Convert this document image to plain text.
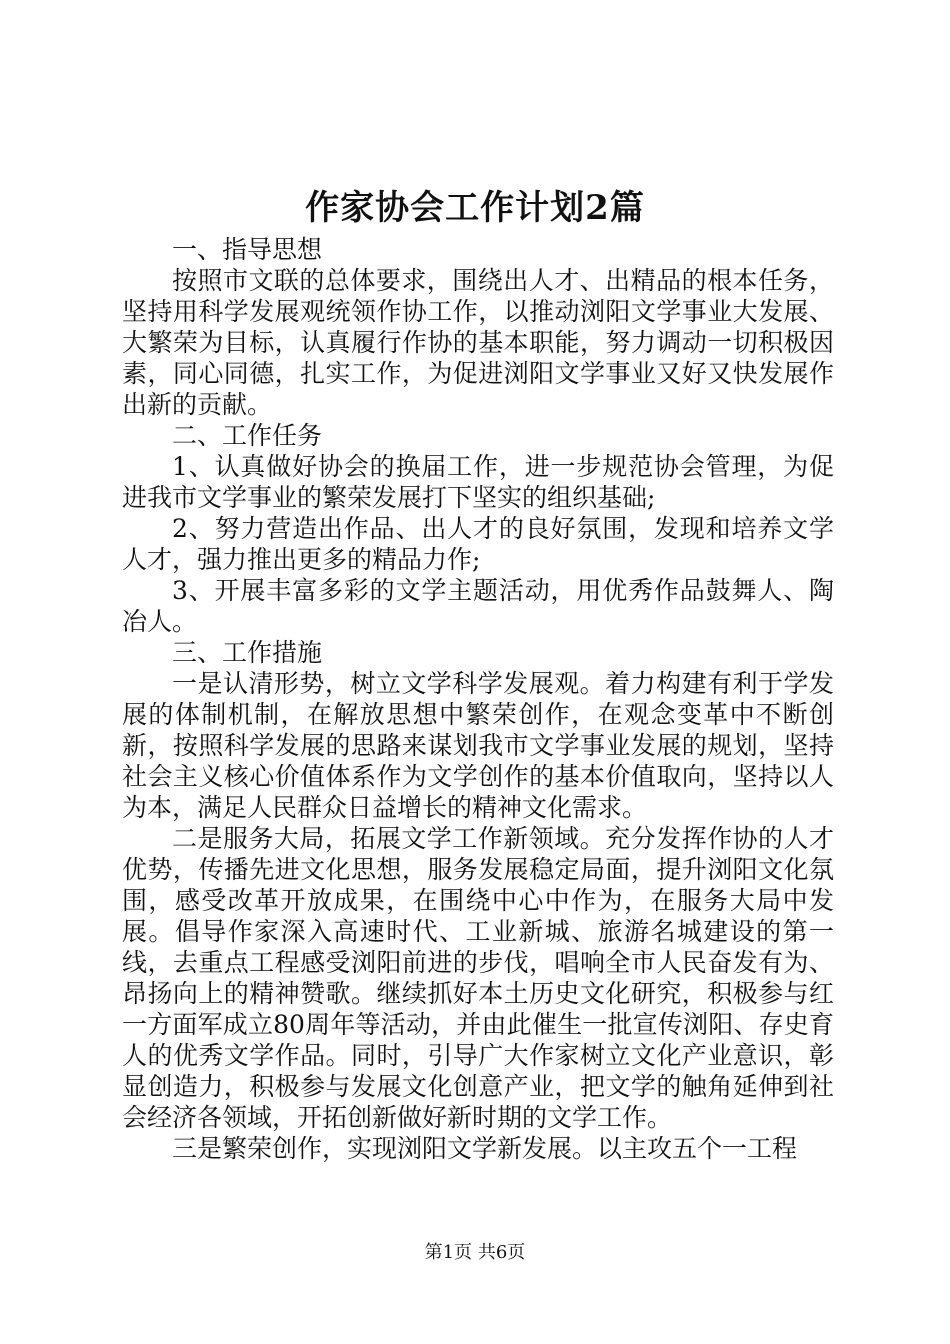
作家协会工作计划2篇

一、指导思想

按照市文联的总体要求，围绕出人才、出精品的根本任务，坚持用科学发展观统领作协工作，以推动浏阳文学事业大发展、大繁荣为目标，认真履行作协的基本职能，努力调动一切积极因素，同心同德，扎实工作，为促进浏阳文学事业又好又快发展作出新的贡献。

二、工作任务

1、认真做好协会的换届工作，进一步规范协会管理，为促进我市文学事业的繁荣发展打下坚实的组织基础;

2、努力营造出作品、出人才的良好氛围，发现和培养文学人才，强力推出更多的精品力作;

3、开展丰富多彩的文学主题活动，用优秀作品鼓舞人、陶冶人。

三、工作措施

一是认清形势，树立文学科学发展观。着力构建有利于学发展的体制机制，在解放思想中繁荣创作，在观念变革中不断创新，按照科学发展的思路来谋划我市文学事业发展的规划，坚持社会主义核心价值体系作为文学创作的基本价值取向，坚持以人为本，满足人民群众日益增长的精神文化需求。

二是服务大局，拓展文学工作新领域。充分发挥作协的人才优势，传播先进文化思想，服务发展稳定局面，提升浏阳文化氛围，感受改革开放成果，在围绕中心中作为，在服务大局中发展。倡导作家深入高速时代、工业新城、旅游名城建设的第一线，去重点工程感受浏阳前进的步伐，唱响全市人民奋发有为、昂扬向上的精神赞歌。继续抓好本土历史文化研究，积极参与红一方面军成立80周年等活动，并由此催生一批宣传浏阳、存史育人的优秀文学作品。同时，引导广大作家树立文化产业意识，彰显创造力，积极参与发展文化创意产业，把文学的触角延伸到社会经济各领域，开拓创新做好新时期的文学工作。

三是繁荣创作，实现浏阳文学新发展。以主攻五个一工程

第1页 共6页
